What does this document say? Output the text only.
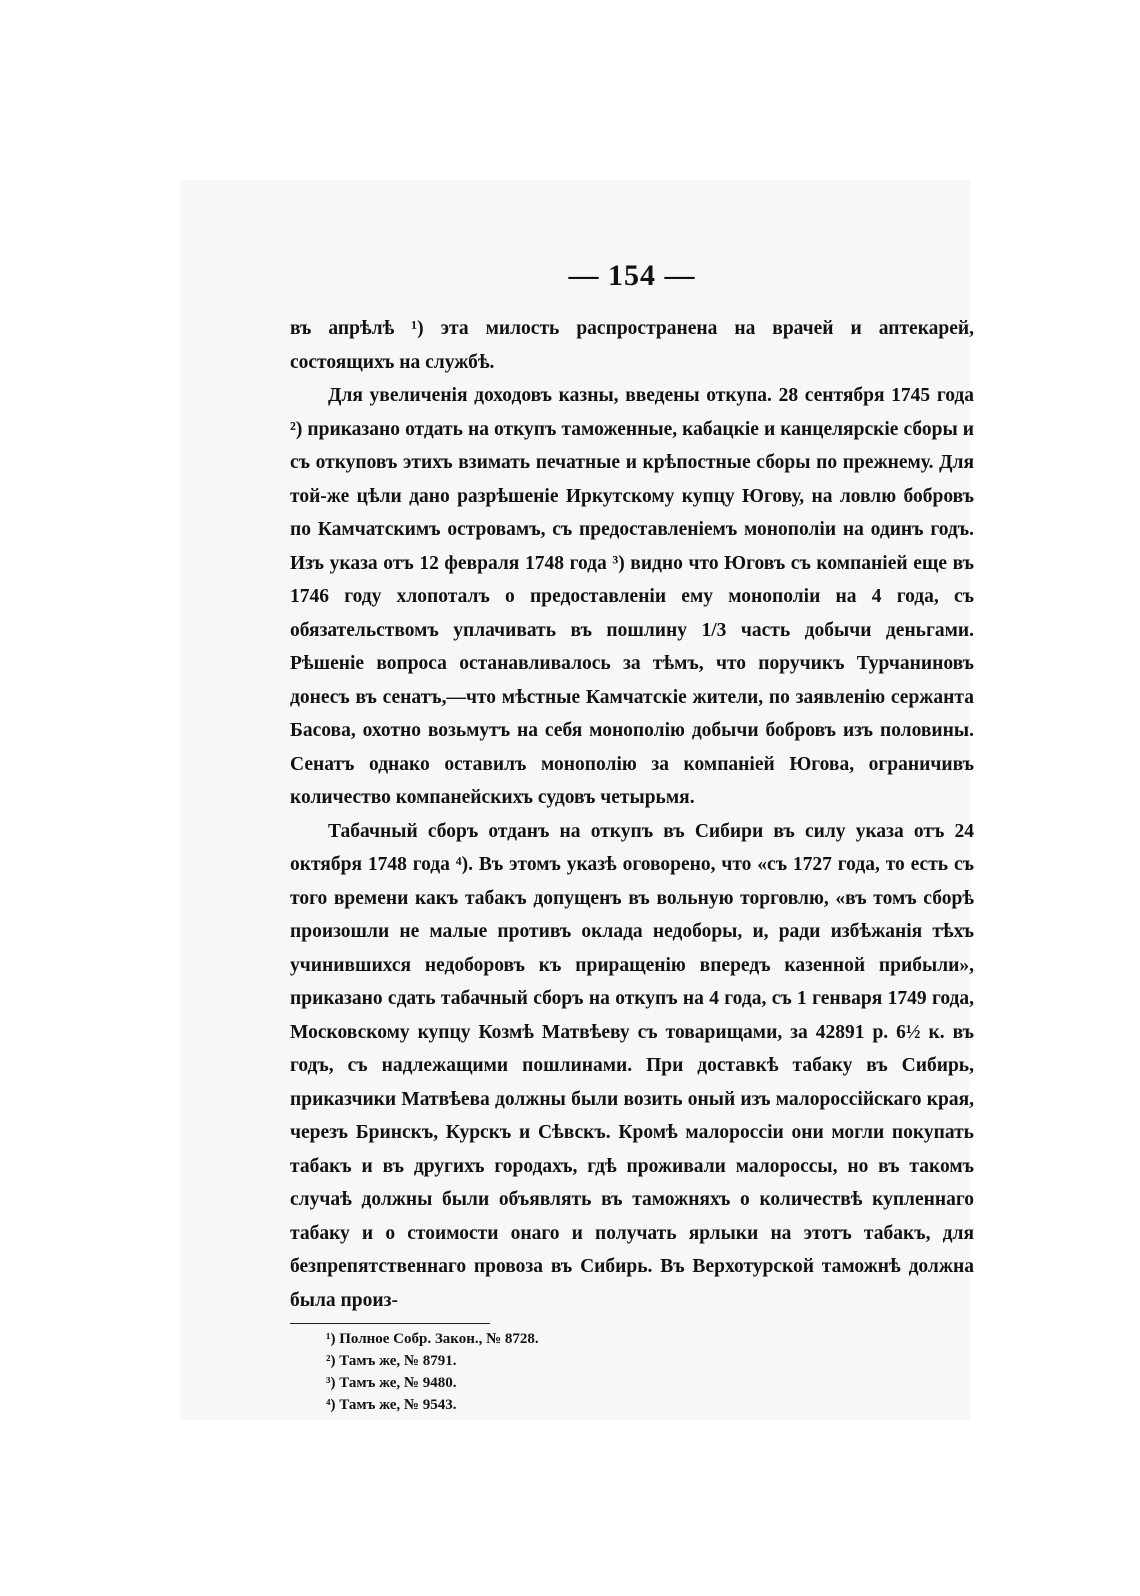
— 154 —

въ апрѣлѣ ¹) эта милость распространена на врачей и аптекарей, состоящихъ на службѣ.

Для увеличенія доходовъ казны, введены откупа. 28 сентября 1745 года ²) приказано отдать на откупъ таможенные, кабацкіе и канцелярскіе сборы и съ откуповъ этихъ взимать печатные и крѣпостные сборы по прежнему. Для той-же цѣли дано разрѣшеніе Иркутскому купцу Югову, на ловлю бобровъ по Камчатскимъ островамъ, съ предоставленіемъ монополіи на одинъ годъ. Изъ указа отъ 12 февраля 1748 года ³) видно что Юговъ съ компаніей еще въ 1746 году хлопоталъ о предоставленіи ему монополіи на 4 года, съ обязательствомъ уплачивать въ пошлину 1/3 часть добычи деньгами. Рѣшеніе вопроса останавливалось за тѣмъ, что поручикъ Турчаниновъ донесъ въ сенатъ,—что мѣстные Камчатскіе жители, по заявленію сержанта Басова, охотно возьмутъ на себя монополію добычи бобровъ изъ половины. Сенатъ однако оставилъ монополію за компаніей Югова, ограничивъ количество компанейскихъ судовъ четырьмя.

Табачный сборъ отданъ на откупъ въ Сибири въ силу указа отъ 24 октября 1748 года ⁴). Въ этомъ указѣ оговорено, что «съ 1727 года, то есть съ того времени какъ табакъ допущенъ въ вольную торговлю, «въ томъ сборѣ произошли не малые противъ оклада недоборы, и, ради избѣжанія тѣхъ учинившихся недоборовъ къ приращенію впередъ казенной прибыли», приказано сдать табачный сборъ на откупъ на 4 года, съ 1 генваря 1749 года, Московскому купцу Козмѣ Матвѣеву съ товарищами, за 42891 р. 6½ к. въ годъ, съ надлежащими пошлинами. При доставкѣ табаку въ Сибирь, приказчики Матвѣева должны были возить оный изъ малороссійскаго края, черезъ Бринскъ, Курскъ и Сѣвскъ. Кромѣ малороссіи они могли покупать табакъ и въ другихъ городахъ, гдѣ проживали малороссы, но въ такомъ случаѣ должны были объявлять въ таможняхъ о количествѣ купленнаго табаку и о стоимости онаго и получать ярлыки на этотъ табакъ, для безпрепятственнаго провоза въ Сибирь. Въ Верхотурской таможнѣ должна была произ-

¹) Полное Собр. Закон., № 8728.
²) Тамъ же, № 8791.
³) Тамъ же, № 9480.
⁴) Тамъ же, № 9543.
